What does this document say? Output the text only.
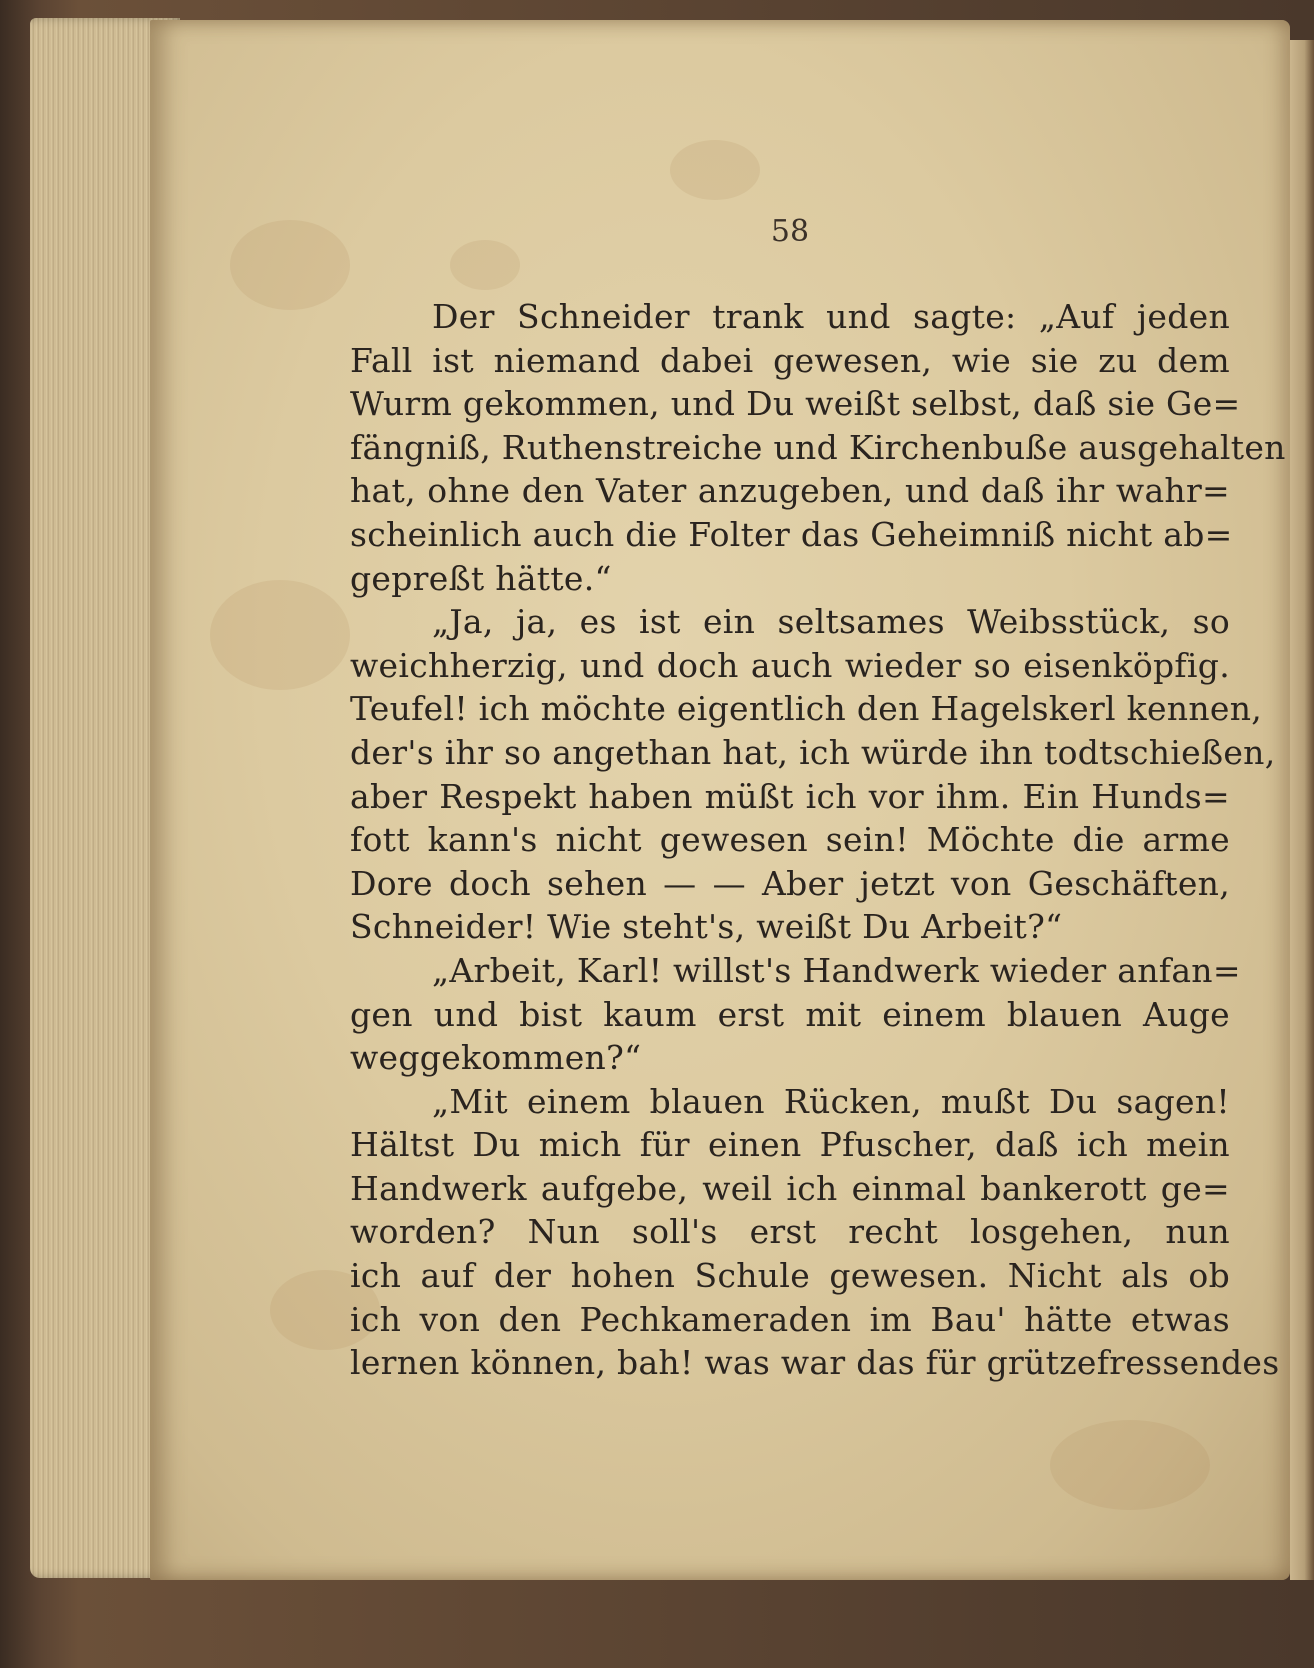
58
Der Schneider trank und sagte: „Auf jeden
Fall ist niemand dabei gewesen, wie sie zu dem
Wurm gekommen, und Du weißt selbst, daß sie Ge=
fängniß, Ruthenstreiche und Kirchenbuße ausgehalten
hat, ohne den Vater anzugeben, und daß ihr wahr=
scheinlich auch die Folter das Geheimniß nicht ab=
gepreßt hätte.“
„Ja, ja, es ist ein seltsames Weibsstück, so
weichherzig, und doch auch wieder so eisenköpfig.
Teufel! ich möchte eigentlich den Hagelskerl kennen,
der's ihr so angethan hat, ich würde ihn todtschießen,
aber Respekt haben müßt ich vor ihm. Ein Hunds=
fott kann's nicht gewesen sein! Möchte die arme
Dore doch sehen — — Aber jetzt von Geschäften,
Schneider! Wie steht's, weißt Du Arbeit?“
„Arbeit, Karl! willst's Handwerk wieder anfan=
gen und bist kaum erst mit einem blauen Auge
weggekommen?“
„Mit einem blauen Rücken, mußt Du sagen!
Hältst Du mich für einen Pfuscher, daß ich mein
Handwerk aufgebe, weil ich einmal bankerott ge=
worden? Nun soll's erst recht losgehen, nun
ich auf der hohen Schule gewesen. Nicht als ob
ich von den Pechkameraden im Bau' hätte etwas
lernen können, bah! was war das für grützefressendes
